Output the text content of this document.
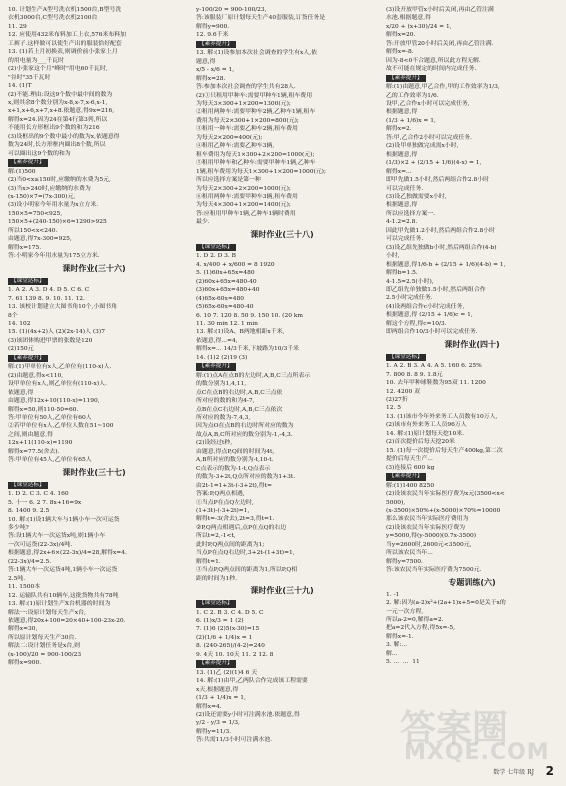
10. 计划生产A型号洗衣机1500台,B型号洗
衣机3000台,C型号洗衣机2100台
11. 29
12. 应使用432米布料加工上衣,576米布料加
工裤子.这样做可以使生产出的服装恰好配套
13. (1)若上月初换表,则调价前小张家上月
的用电量为___千瓦时
(2)小张家这个月"峰时"用电60千瓦时,
"谷时"35千瓦时
14. (1)T
(2)不能.理由:设这9个数中最中间的数为
x,则其余8个数分别为x-8,x-7,x-6,x-1,
x+1,x+6,x+7,x+8.依题意,得9x=216,
解得x=24.因为24在第4行第3列,所以
不能用长方形框出9个数的和为216
(3)设框出的9个数中最小的数为x,依题意得
数为24时,长方形框内圈出8个数,所以
可以圈出这9个数的和为
【素养提升】
解:(1)500
(2)当0<x≤150时,应缴纳的水费为5元,
(3)当x>240时,应缴纳的水费为
(x-150)×7=(7x-300)元,
(3)设小明家今年用水量为x立方米.
150×5=750<925,
150×5+(240-150)×6=1290>925
所以150<x<240.
由题意,得7x-300=925,
解得x=175.
答:小明家今年用水量为175立方米.
课时作业(三十六)
【课堂达标】
1. A 2. A 3. D 4. D 5. C 6. C
7. 61 139 8. 9. 10. 11. 12.
13. 该校计划建立大图书角10个,小图书角
8个
14. 102
15. (1)(4x+2)人 (2)(2x-14)人 (3)7
(3)该团体购进甲票的张数是120
(2)150元
【素养提升】
解:(1)甲单位有x人,乙单位有(110-x)人.
(2)由题意,得x<110,
设甲单位有x人,则乙单位有(110-x)人.
依题意,得
由题意,得12x+10(110-x)=1190,
解得x=50,则110-50=60.
答:甲单位有50人,乙单位有60人
②若甲单位有x人,乙单位人数在51~100
之间,则由题意,得
12x+11(110-x)=1190
解得x=77.5(舍去).
答:甲单位有45人,乙单位有65人
课时作业(三十七)
【课堂达标】
1. D 2. C 3. C 4. 160
5. 十一 6. 2 7. 8x+16=9x
8. 1400 9. 2.5
10. 解:(1)设1辆大车与1辆小车一次可运货
多少吨?
答:设1辆大车一次运货x吨,则1辆小车
一次可运货(22-3x)/4吨.
根据题意,得2x+6×(22-3x)/4=28,解得x=4.
(22-3x)/4=2.5.
答:1辆大车一次运货4吨,1辆小车一次运货
2.5吨.
11. 1500本
12. 运输队共有10辆车,这批货物共有78吨
13. 解:(1)原计划生产X台机器的时间为
解法一:设原计划每天生产x台,
依题意,得20x+100=20×40+100-23x-20.
解得x=30,
所以原计划每天生产30台.
解法二:设计划任务是x台,则
(x-100)/20 = 900-100/23
解得x=900.
y-100/20 = 900-100/23,
答:该服装厂原计划每天生产40套服装,订货任务是
解得y=900.
12. 9.6千米
【素养提升】
13. 解:(1)设参加本次社会调查的学生有x人,依
题意,得
x/5 - x/6 = 1,
解得x=28.
答:参加本次社会调查的学生共有28人.
(2)①只租用甲种车:需要甲种车1辆,租车费用
为每天3×300+1×200=1300(元);
②租用两种车:需要甲种车2辆,乙种车1辆,租车
费用为每天2×300+1×200=800(元);
③租用一种车:需要乙种车2辆,租车费用
为每天2×200=400(元);
④租用乙种车:需要乙种车3辆,
租车费用为每天1×300+2×200=1000(元);
⑤租用甲种车和乙种车:需要甲种车1辆,乙种车
1辆,租车费用为每天1×300+1×200=1000(元);
所以应选择方案是第一种
为每天2×300+2×200=1000(元);
⑥租用两种车:需要甲种车3辆,租车费用
为每天4×300+1×200=1400(元);
答:应租用甲种车1辆,乙种车1辆时费用
最少.
课时作业(三十八)
【课堂达标】
1. D 2. D 3. B
4. x/400 + x/600 = 8 1920
5. (1)60x+65x=480
(2)60x+65x=480-40
(3)60x+65x=480+40
(4)65x-60x=480
(5)65x-60x=480-40
6. 10 7. 120 8. 50 9. 150 10. (20 km
11. 30 min 12. 1 min
13. 解:(1)设A、B两地相距x千米,
依题意,得...=4,
解得x=... 14/3千米,下坡路为10/3千米
14. (1)2 (2)19 (3)
【素养提升】
解:(1)点A在点B的左边时,A,B,C三点所表示
的数分别为1,4,11,
点C在点B的右边时,A,B,C三点依
所对应的数的和为4-7,
点B在点C右边时,A,B,C三点依次
所对应的数为-7,4,3,
因为点O在点B的右边时所对应的数为
故点A,B,C所对应的数分别为-1,-4,3.
(2)设经过t秒,
由题意,得点P,Q间的时间为4t,
A,B所对应的数分别为-t,10-t.
C点表示的数为-1-t,Q点表示
的数为-3+2t,Q点所对应的数为1+3t.
由2t-1=1+3t-(-3+2t),得t=
答案:P,Q两点相遇,
①当点P在点Q左边时,
(1+3t)-(-3+2t)=1,
解得t=-3(舍去),2t=3,得t=1.
②P,Q两点相遇后,点P在点Q的右边
所以t=2,-1<t,
此时P,Q两点间的距离为1;
当点P在点Q右边时,3+2t-(1+3t)=1,
解得t=1.
③当点P,Q两点间的距离为1,所以P,Q相
距的时间为1秒.
课时作业(三十九)
【课堂达标】
1. C 2. B 3. C 4. D 5. C
6. (1)x/3 = 1 (2)
7. (1)6 (2)5(x-30)=15
(2)(1/6 + 1/4)x = 1
8. (240-265)/(4-2)=240
9. 4天 10. 10天 11. 2 12. 8
【素养提升】
13. (1)乙 (2)(1)4 6 天
14. 解:(1)由甲,乙两队合作完成该工程需要
x天,根据题意,得
(1/3 + 1/4)x = 1,
解得x=4.
(2)设还需要y小时可注满水池.依题意,得
y/2 - y/3 = 1/3,
解得y=11/3.
答:共需11/3小时可注满水池.
(3)设开放甲管x小时后关闭,再由乙管注满
水池.根据题意,得
x/20 + (x+30)/24 = 1,
解得x=20.
答:开放甲管20小时后关闭,再由乙管注满.
解得x=-8.
因为-8<0不合题意,所以此方程无解.
故不可能在规定的时间内完成任务.
【素养提升】
解:(1)由题意,甲乙合作,甲的工作效率为1/3,
乙的工作效率为1/6.
设甲,乙合作x小时可以完成任务,
根据题意,得
(1/3 + 1/6)x = 1,
解得x=2.
答:甲,乙合作2小时可以完成任务.
(2)设甲单独做完成需x小时,
根据题意,得
(1/3)×2 + (2/15 + 1/6)(4-x) = 1,
解得x=...
即甲先做1.5小时,然后两组合作2.8小时
可以完成任务.
(3)设乙独做需要x小时,
根据题意,得
所以应选择方案一.
4-1.2=2.8.
因此甲先做1.2小时,然后两组合作2.8小时
可以完成任务.
(3)设乙组先独做b小时,然后两组合作(4-b)
小时,
根据题意,得1/6·b + (2/15 + 1/6)(4-b) = 1,
解得b=1.5.
4-1.5=2.5(小时),
即乙组先单独做1.5小时,然后两组合作
2.5小时完成任务.
(4)设两组合作c小时完成任务,
根据题意,得 (2/15 + 1/6)c = 1,
解这个方程,得c=10/3.
即两组合作10/3小时可以完成任务.
课时作业(四十)
【课堂达标】
1. A 2. B 3. A 4. A 5. 160 6. 25%
7. 800 8. 8 9. 1.8元
10. 去年甲种球鞋数为95双 11. 1200
12. 4200 双
(2)27折
12. 5
13. (1)该市今年外来务工人员数有10万人,
(2)该市有外来务工人员96万人
14. 解:(1)原计划每天挖10米.
(2)首次提价后每天挖20米
15. (1)每一次提价后每天生产400kg,第二次
提价后每天生产...
(3)连接后 600 kg
【素养提升】
解:(1)1400 8250
(2)设该农民当年实际医疗费为x元(3500<x<
5000),
(x-3500)×50%+(x-5000)×70%=10000
那么该农民当年实际医疗费用为
(2)设该农民当年实际医疗费为
y=5000,得(y-5000)(0.7x-3500)
当y=2600时,2600元<3500元,
所以该农民当年...
解得y=7500.
答:该农民当年实际医疗费为7500元.
专题训练(六)
1. -1
2. 解:因为(a-2)x²+(2a+1)x+5=0是关于x的
一元一次方程,
所以a-2=0,解得a=2.
把a=2代入方程,得5x=-5,
解得x=-1.
3. 解:...
解...
5. ...  ...  11
答案圈
MXQE.COM
数学 七年级 RJ 2
